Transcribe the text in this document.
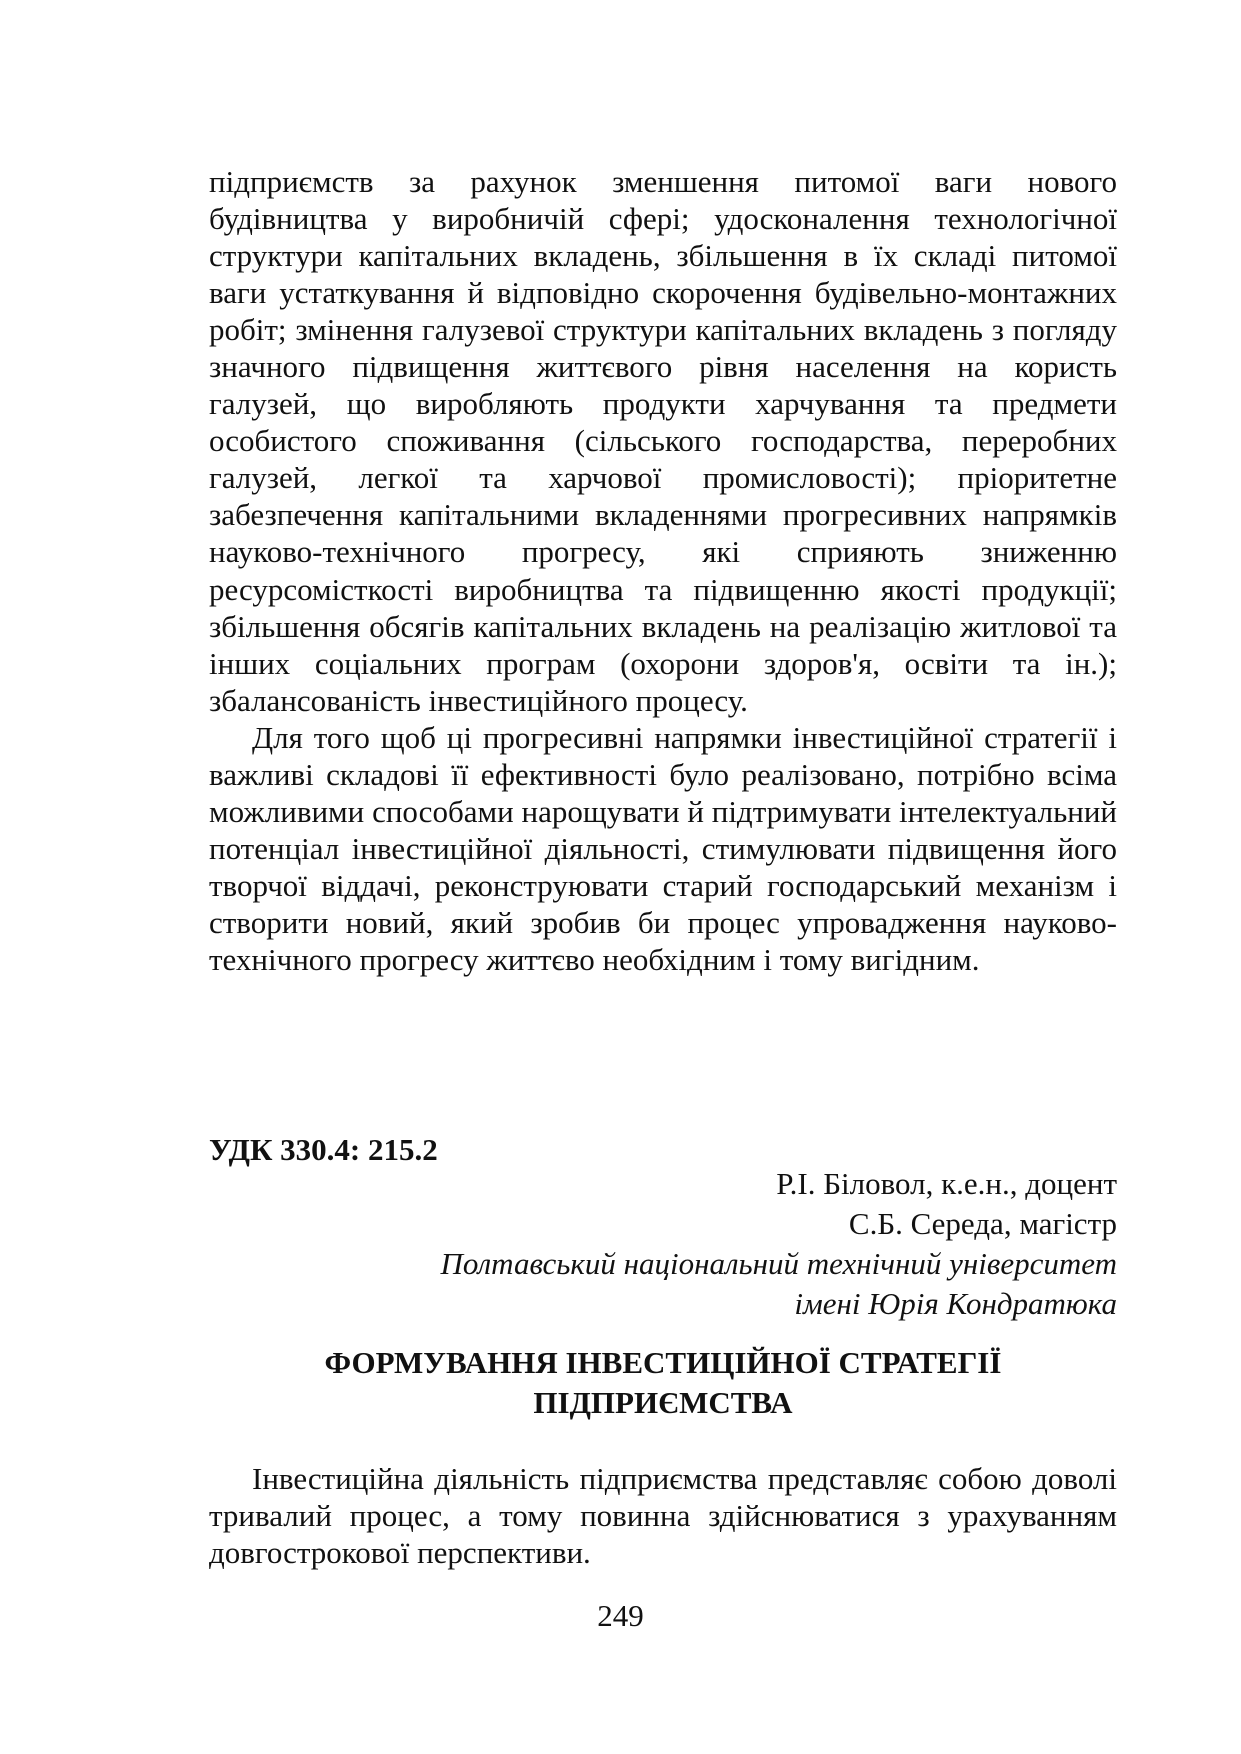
підприємств за рахунок зменшення питомої ваги нового будівництва у виробничій сфері; удосконалення технологічної структури капітальних вкладень, збільшення в їх складі питомої ваги устаткування й відповідно скорочення будівельно-монтажних робіт; змінення галузевої структури капітальних вкладень з погляду значного підвищення життєвого рівня населення на користь галузей, що виробляють продукти харчування та предмети особистого споживання (сільського господарства, переробних галузей, легкої та харчової промисловості); пріоритетне забезпечення капітальними вкладеннями прогресивних напрямків науково-технічного прогресу, які сприяють зниженню ресурсомісткості виробництва та підвищенню якості продукції; збільшення обсягів капітальних вкладень на реалізацію житлової та інших соціальних програм (охорони здоров'я, освіти та ін.); збалансованість інвестиційного процесу.

Для того щоб ці прогресивні напрямки інвестиційної стратегії і важливі складові її ефективності було реалізовано, потрібно всіма можливими способами нарощувати й підтримувати інтелектуальний потенціал інвестиційної діяльності, стимулювати підвищення його творчої віддачі, реконструювати старий господарський механізм і створити новий, який зробив би процес упровадження науково-технічного прогресу життєво необхідним і тому вигідним.

УДК 330.4: 215.2

Р.І. Біловол, к.е.н., доцент
С.Б. Середа, магістр
Полтавський національний технічний університет
імені Юрія Кондратюка
ФОРМУВАННЯ ІНВЕСТИЦІЙНОЇ СТРАТЕГІЇ
ПІДПРИЄМСТВА

Інвестиційна діяльність підприємства представляє собою доволі тривалий процес, а тому повинна здійснюватися з урахуванням довгострокової перспективи.

249
